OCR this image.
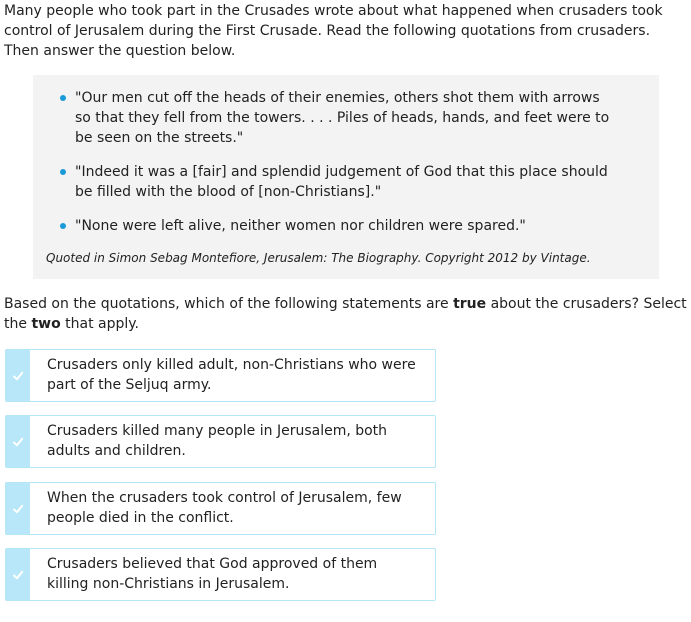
Many people who took part in the Crusades wrote about what happened when crusaders took control of Jerusalem during the First Crusade. Read the following quotations from crusaders. Then answer the question below.

"Our men cut off the heads of their enemies, others shot them with arrows so that they fell from the towers. . . . Piles of heads, hands, and feet were to be seen on the streets."
"Indeed it was a [fair] and splendid judgement of God that this place should be filled with the blood of [non-Christians]."
"None were left alive, neither women nor children were spared."
Quoted in Simon Sebag Montefiore, Jerusalem: The Biography. Copyright 2012 by Vintage.

Based on the quotations, which of the following statements are true about the crusaders? Select the two that apply.

Crusaders only killed adult, non-Christians who were part of the Seljuq army.
Crusaders killed many people in Jerusalem, both adults and children.
When the crusaders took control of Jerusalem, few people died in the conflict.
Crusaders believed that God approved of them killing non-Christians in Jerusalem.
